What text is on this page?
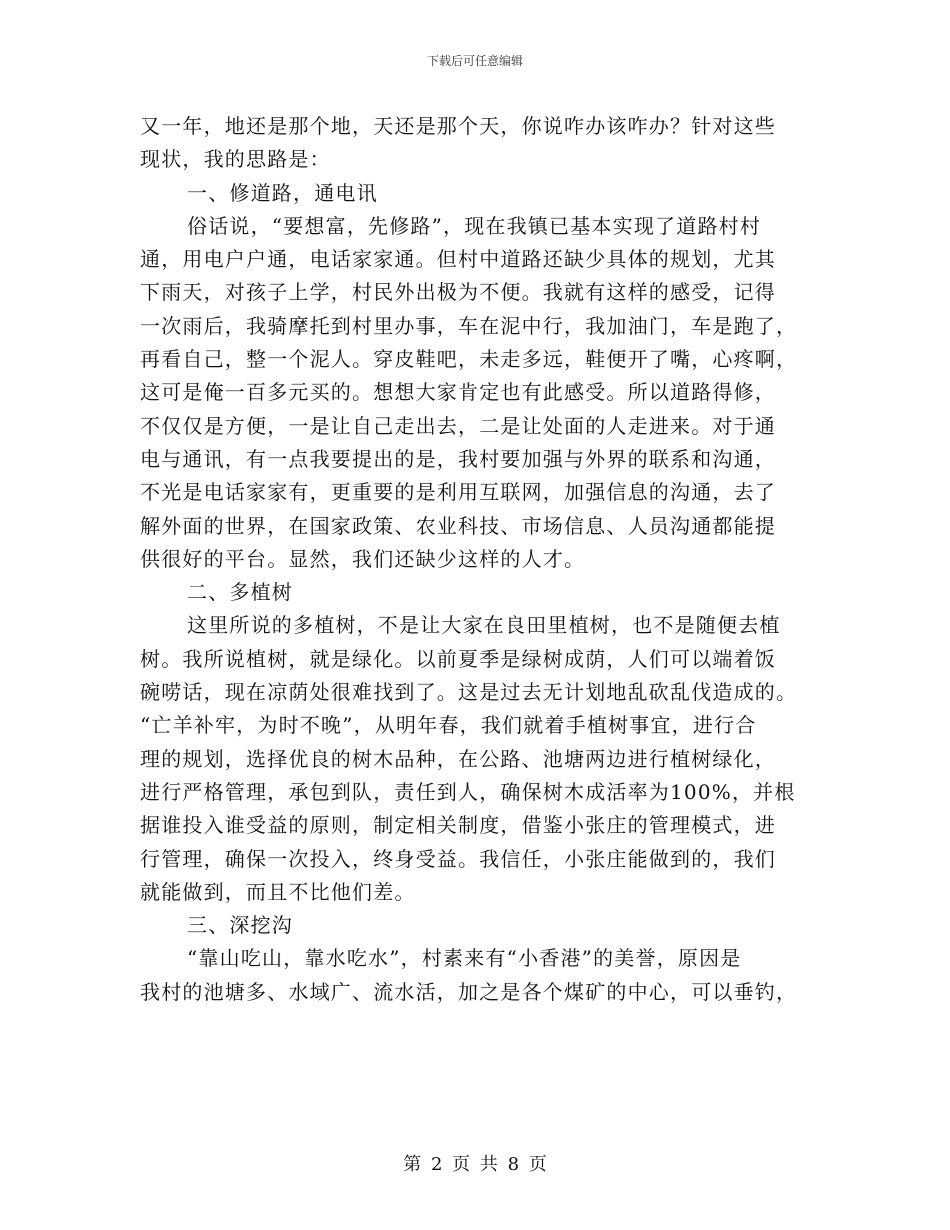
下载后可任意编辑
又一年，地还是那个地，天还是那个天，你说咋办该咋办？针对这些
现状，我的思路是：
一、修道路，通电讯
俗话说，“要想富，先修路”，现在我镇已基本实现了道路村村
通，用电户户通，电话家家通。但村中道路还缺少具体的规划，尤其
下雨天，对孩子上学，村民外出极为不便。我就有这样的感受，记得
一次雨后，我骑摩托到村里办事，车在泥中行，我加油门，车是跑了，
再看自己，整一个泥人。穿皮鞋吧，未走多远，鞋便开了嘴，心疼啊，
这可是俺一百多元买的。想想大家肯定也有此感受。所以道路得修，
不仅仅是方便，一是让自己走出去，二是让处面的人走进来。对于通
电与通讯，有一点我要提出的是，我村要加强与外界的联系和沟通，
不光是电话家家有，更重要的是利用互联网，加强信息的沟通，去了
解外面的世界，在国家政策、农业科技、市场信息、人员沟通都能提
供很好的平台。显然，我们还缺少这样的人才。
二、多植树
这里所说的多植树，不是让大家在良田里植树，也不是随便去植
树。我所说植树，就是绿化。以前夏季是绿树成荫，人们可以端着饭
碗唠话，现在凉荫处很难找到了。这是过去无计划地乱砍乱伐造成的。
“亡羊补牢，为时不晚”，从明年春，我们就着手植树事宜，进行合
理的规划，选择优良的树木品种，在公路、池塘两边进行植树绿化，
进行严格管理，承包到队，责任到人，确保树木成活率为100%，并根
据谁投入谁受益的原则，制定相关制度，借鉴小张庄的管理模式，进
行管理，确保一次投入，终身受益。我信任，小张庄能做到的，我们
就能做到，而且不比他们差。
三、深挖沟
“靠山吃山，靠水吃水”，村素来有“小香港”的美誉，原因是
我村的池塘多、水域广、流水活，加之是各个煤矿的中心，可以垂钓，
第 2 页 共 8 页
